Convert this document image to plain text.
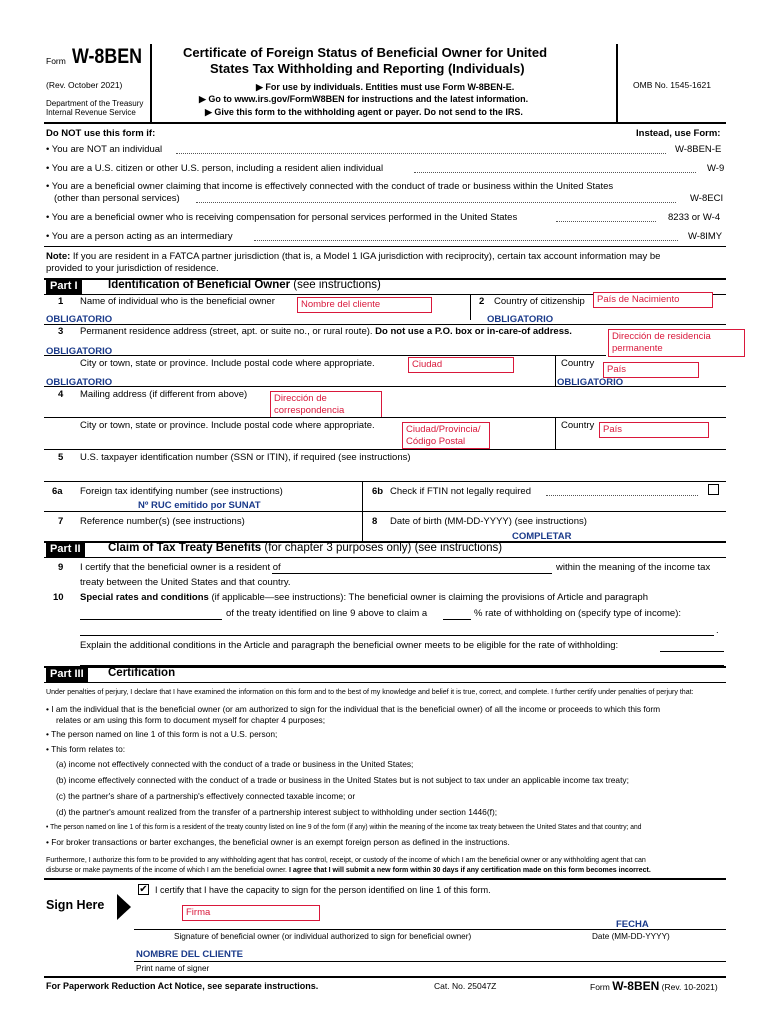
Form W-8BEN
(Rev. October 2021)
Department of the Treasury
Internal Revenue Service
Certificate of Foreign Status of Beneficial Owner for United
States Tax Withholding and Reporting (Individuals)
▶ For use by individuals. Entities must use Form W-8BEN-E.
▶ Go to www.irs.gov/FormW8BEN for instructions and the latest information.
▶ Give this form to the withholding agent or payer. Do not send to the IRS.
OMB No. 1545-1621
Do NOT use this form if:	Instead, use Form:
• You are NOT an individual	W-8BEN-E
• You are a U.S. citizen or other U.S. person, including a resident alien individual	W-9
• You are a beneficial owner claiming that income is effectively connected with the conduct of trade or business within the United States
(other than personal services)	W-8ECI
• You are a beneficial owner who is receiving compensation for personal services performed in the United States	8233 or W-4
• You are a person acting as an intermediary	W-8IMY
Note: If you are resident in a FATCA partner jurisdiction (that is, a Model 1 IGA jurisdiction with reciprocity), certain tax account information may be
provided to your jurisdiction of residence.
Part I	Identification of Beneficial Owner (see instructions)
1 Name of individual who is the beneficial owner	Nombre del cliente	2 Country of citizenship	País de Nacimiento
OBLIGATORIO	OBLIGATORIO
3 Permanent residence address (street, apt. or suite no., or rural route). Do not use a P.O. box or in-care-of address.	Dirección de residencia permanente
OBLIGATORIO
City or town, state or province. Include postal code where appropriate.	Ciudad	Country
País
OBLIGATORIO	OBLIGATORIO
4 Mailing address (if different from above)	Dirección de correspondencia
City or town, state or province. Include postal code where appropriate.	Ciudad/Provincia/ Código Postal
Country País
5 U.S. taxpayer identification number (SSN or ITIN), if required (see instructions)
6a Foreign tax identifying number (see instructions)	6b Check if FTIN not legally required
Nº RUC emitido por SUNAT
7 Reference number(s) (see instructions)	8 Date of birth (MM-DD-YYYY) (see instructions)
COMPLETAR
Part II	Claim of Tax Treaty Benefits (for chapter 3 purposes only) (see instructions)
9 I certify that the beneficial owner is a resident of	within the meaning of the income tax
treaty between the United States and that country.
10 Special rates and conditions (if applicable—see instructions): The beneficial owner is claiming the provisions of Article and paragraph
of the treaty identified on line 9 above to claim a	% rate of withholding on (specify type of income):
.
Explain the additional conditions in the Article and paragraph the beneficial owner meets to be eligible for the rate of withholding:
Part III	Certification
Under penalties of perjury, I declare that I have examined the information on this form and to the best of my knowledge and belief it is true, correct, and complete. I further certify under penalties of perjury that:
• I am the individual that is the beneficial owner (or am authorized to sign for the individual that is the beneficial owner) of all the income or proceeds to which this form
relates or am using this form to document myself for chapter 4 purposes;
• The person named on line 1 of this form is not a U.S. person;
• This form relates to:
(a) income not effectively connected with the conduct of a trade or business in the United States;
(b) income effectively connected with the conduct of a trade or business in the United States but is not subject to tax under an applicable income tax treaty;
(c) the partner's share of a partnership's effectively connected taxable income; or
(d) the partner's amount realized from the transfer of a partnership interest subject to withholding under section 1446(f);
• The person named on line 1 of this form is a resident of the treaty country listed on line 9 of the form (if any) within the meaning of the income tax treaty between the United States and that country; and
• For broker transactions or barter exchanges, the beneficial owner is an exempt foreign person as defined in the instructions.
Furthermore, I authorize this form to be provided to any withholding agent that has control, receipt, or custody of the income of which I am the beneficial owner or any withholding agent that can
disburse or make payments of the income of which I am the beneficial owner. I agree that I will submit a new form within 30 days if any certification made on this form becomes incorrect.
✔ I certify that I have the capacity to sign for the person identified on line 1 of this form.
Sign Here
Firma
FECHA
Signature of beneficial owner (or individual authorized to sign for beneficial owner)	Date (MM-DD-YYYY)
NOMBRE DEL CLIENTE
Print name of signer
For Paperwork Reduction Act Notice, see separate instructions.	Cat. No. 25047Z	Form W-8BEN (Rev. 10-2021)
